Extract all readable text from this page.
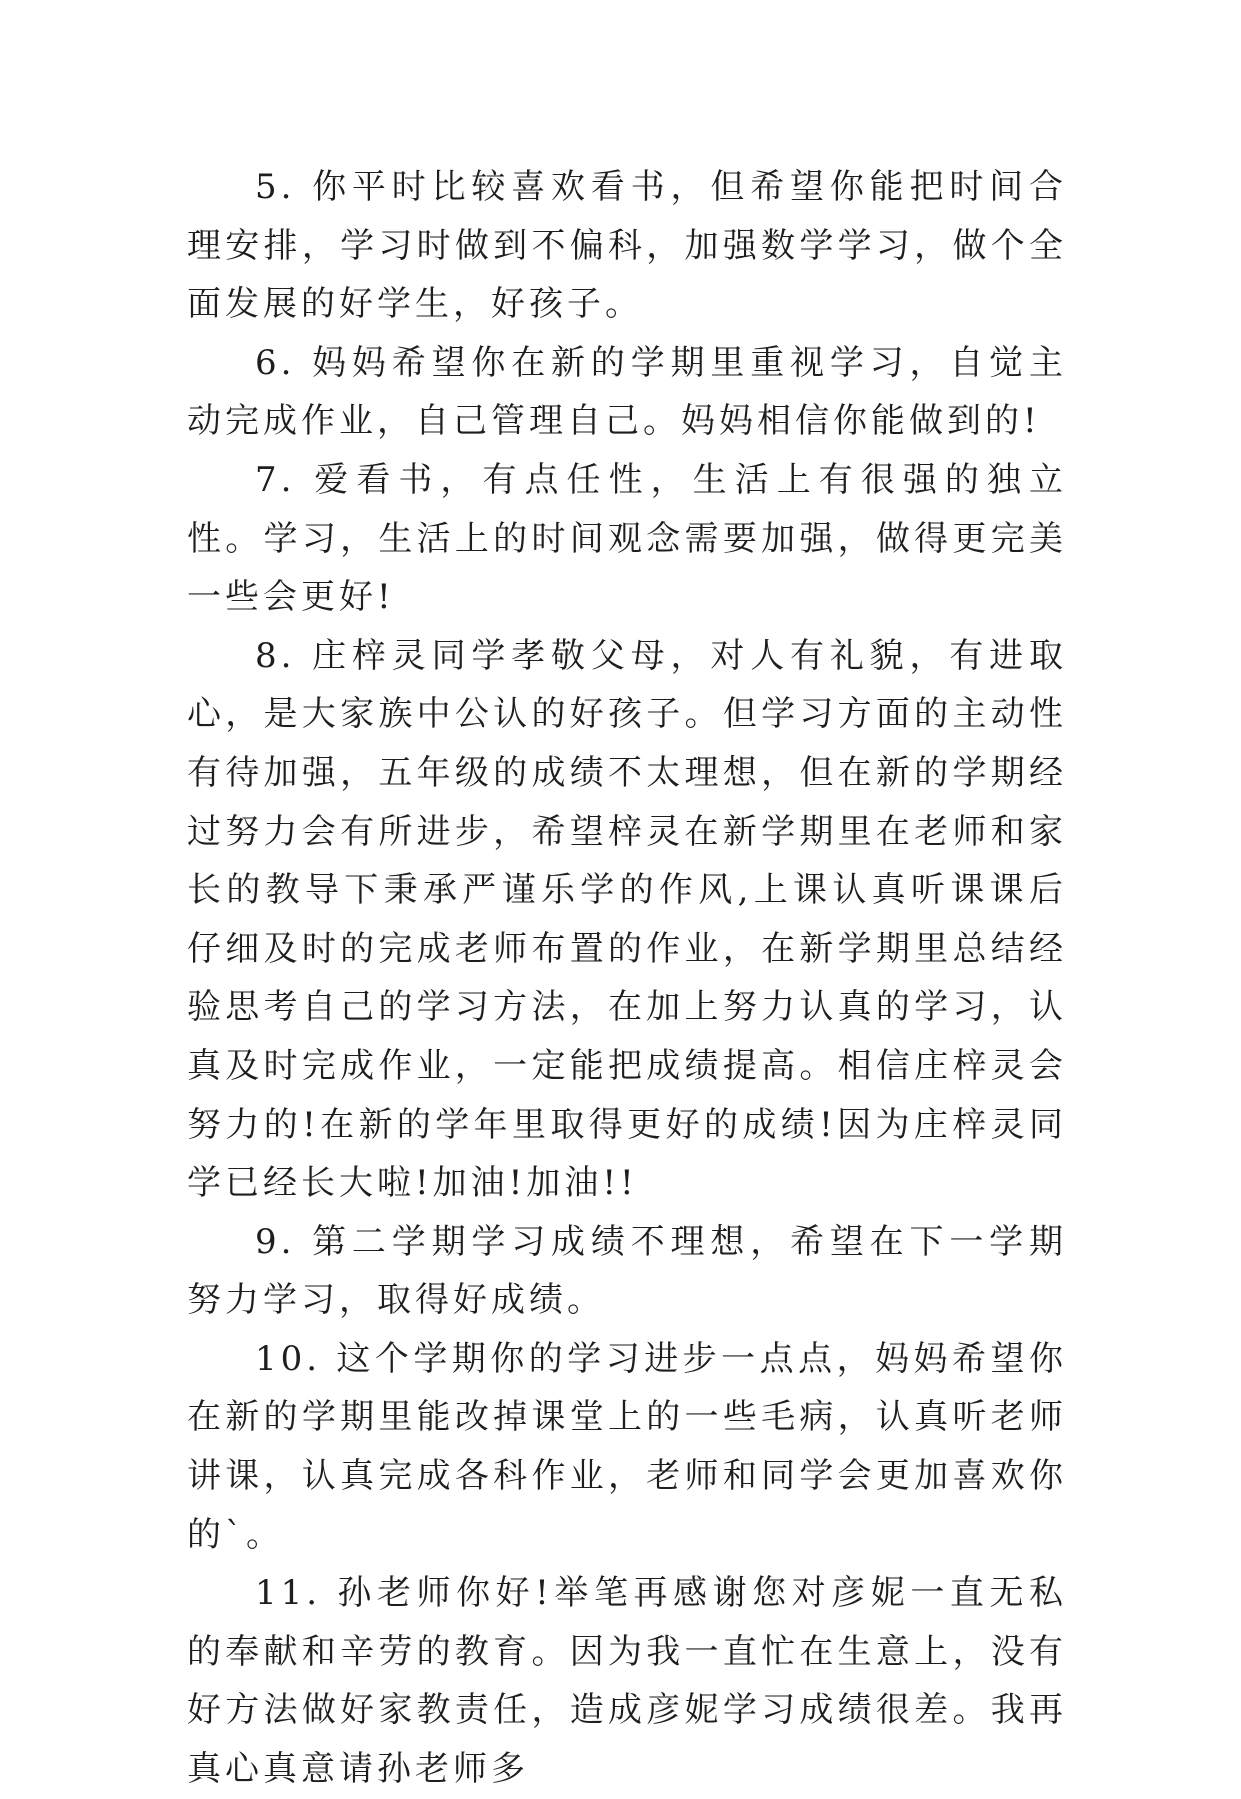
5. 你平时比较喜欢看书，但希望你能把时间合理安排，学习时做到不偏科，加强数学学习，做个全面发展的好学生，好孩子。

6. 妈妈希望你在新的学期里重视学习，自觉主动完成作业，自己管理自己。妈妈相信你能做到的!

7. 爱看书，有点任性，生活上有很强的独立性。学习，生活上的时间观念需要加强，做得更完美一些会更好!

8. 庄梓灵同学孝敬父母，对人有礼貌，有进取心，是大家族中公认的好孩子。但学习方面的主动性有待加强，五年级的成绩不太理想，但在新的学期经过努力会有所进步，希望梓灵在新学期里在老师和家长的教导下秉承严谨乐学的作风,上课认真听课课后仔细及时的完成老师布置的作业，在新学期里总结经验思考自己的学习方法，在加上努力认真的学习，认真及时完成作业，一定能把成绩提高。相信庄梓灵会努力的!在新的学年里取得更好的成绩!因为庄梓灵同学已经长大啦!加油!加油!!

9. 第二学期学习成绩不理想，希望在下一学期努力学习，取得好成绩。

10. 这个学期你的学习进步一点点，妈妈希望你在新的学期里能改掉课堂上的一些毛病，认真听老师讲课，认真完成各科作业，老师和同学会更加喜欢你的`。

11. 孙老师你好!举笔再感谢您对彦妮一直无私的奉献和辛劳的教育。因为我一直忙在生意上，没有好方法做好家教责任，造成彦妮学习成绩很差。我再真心真意请孙老师多
